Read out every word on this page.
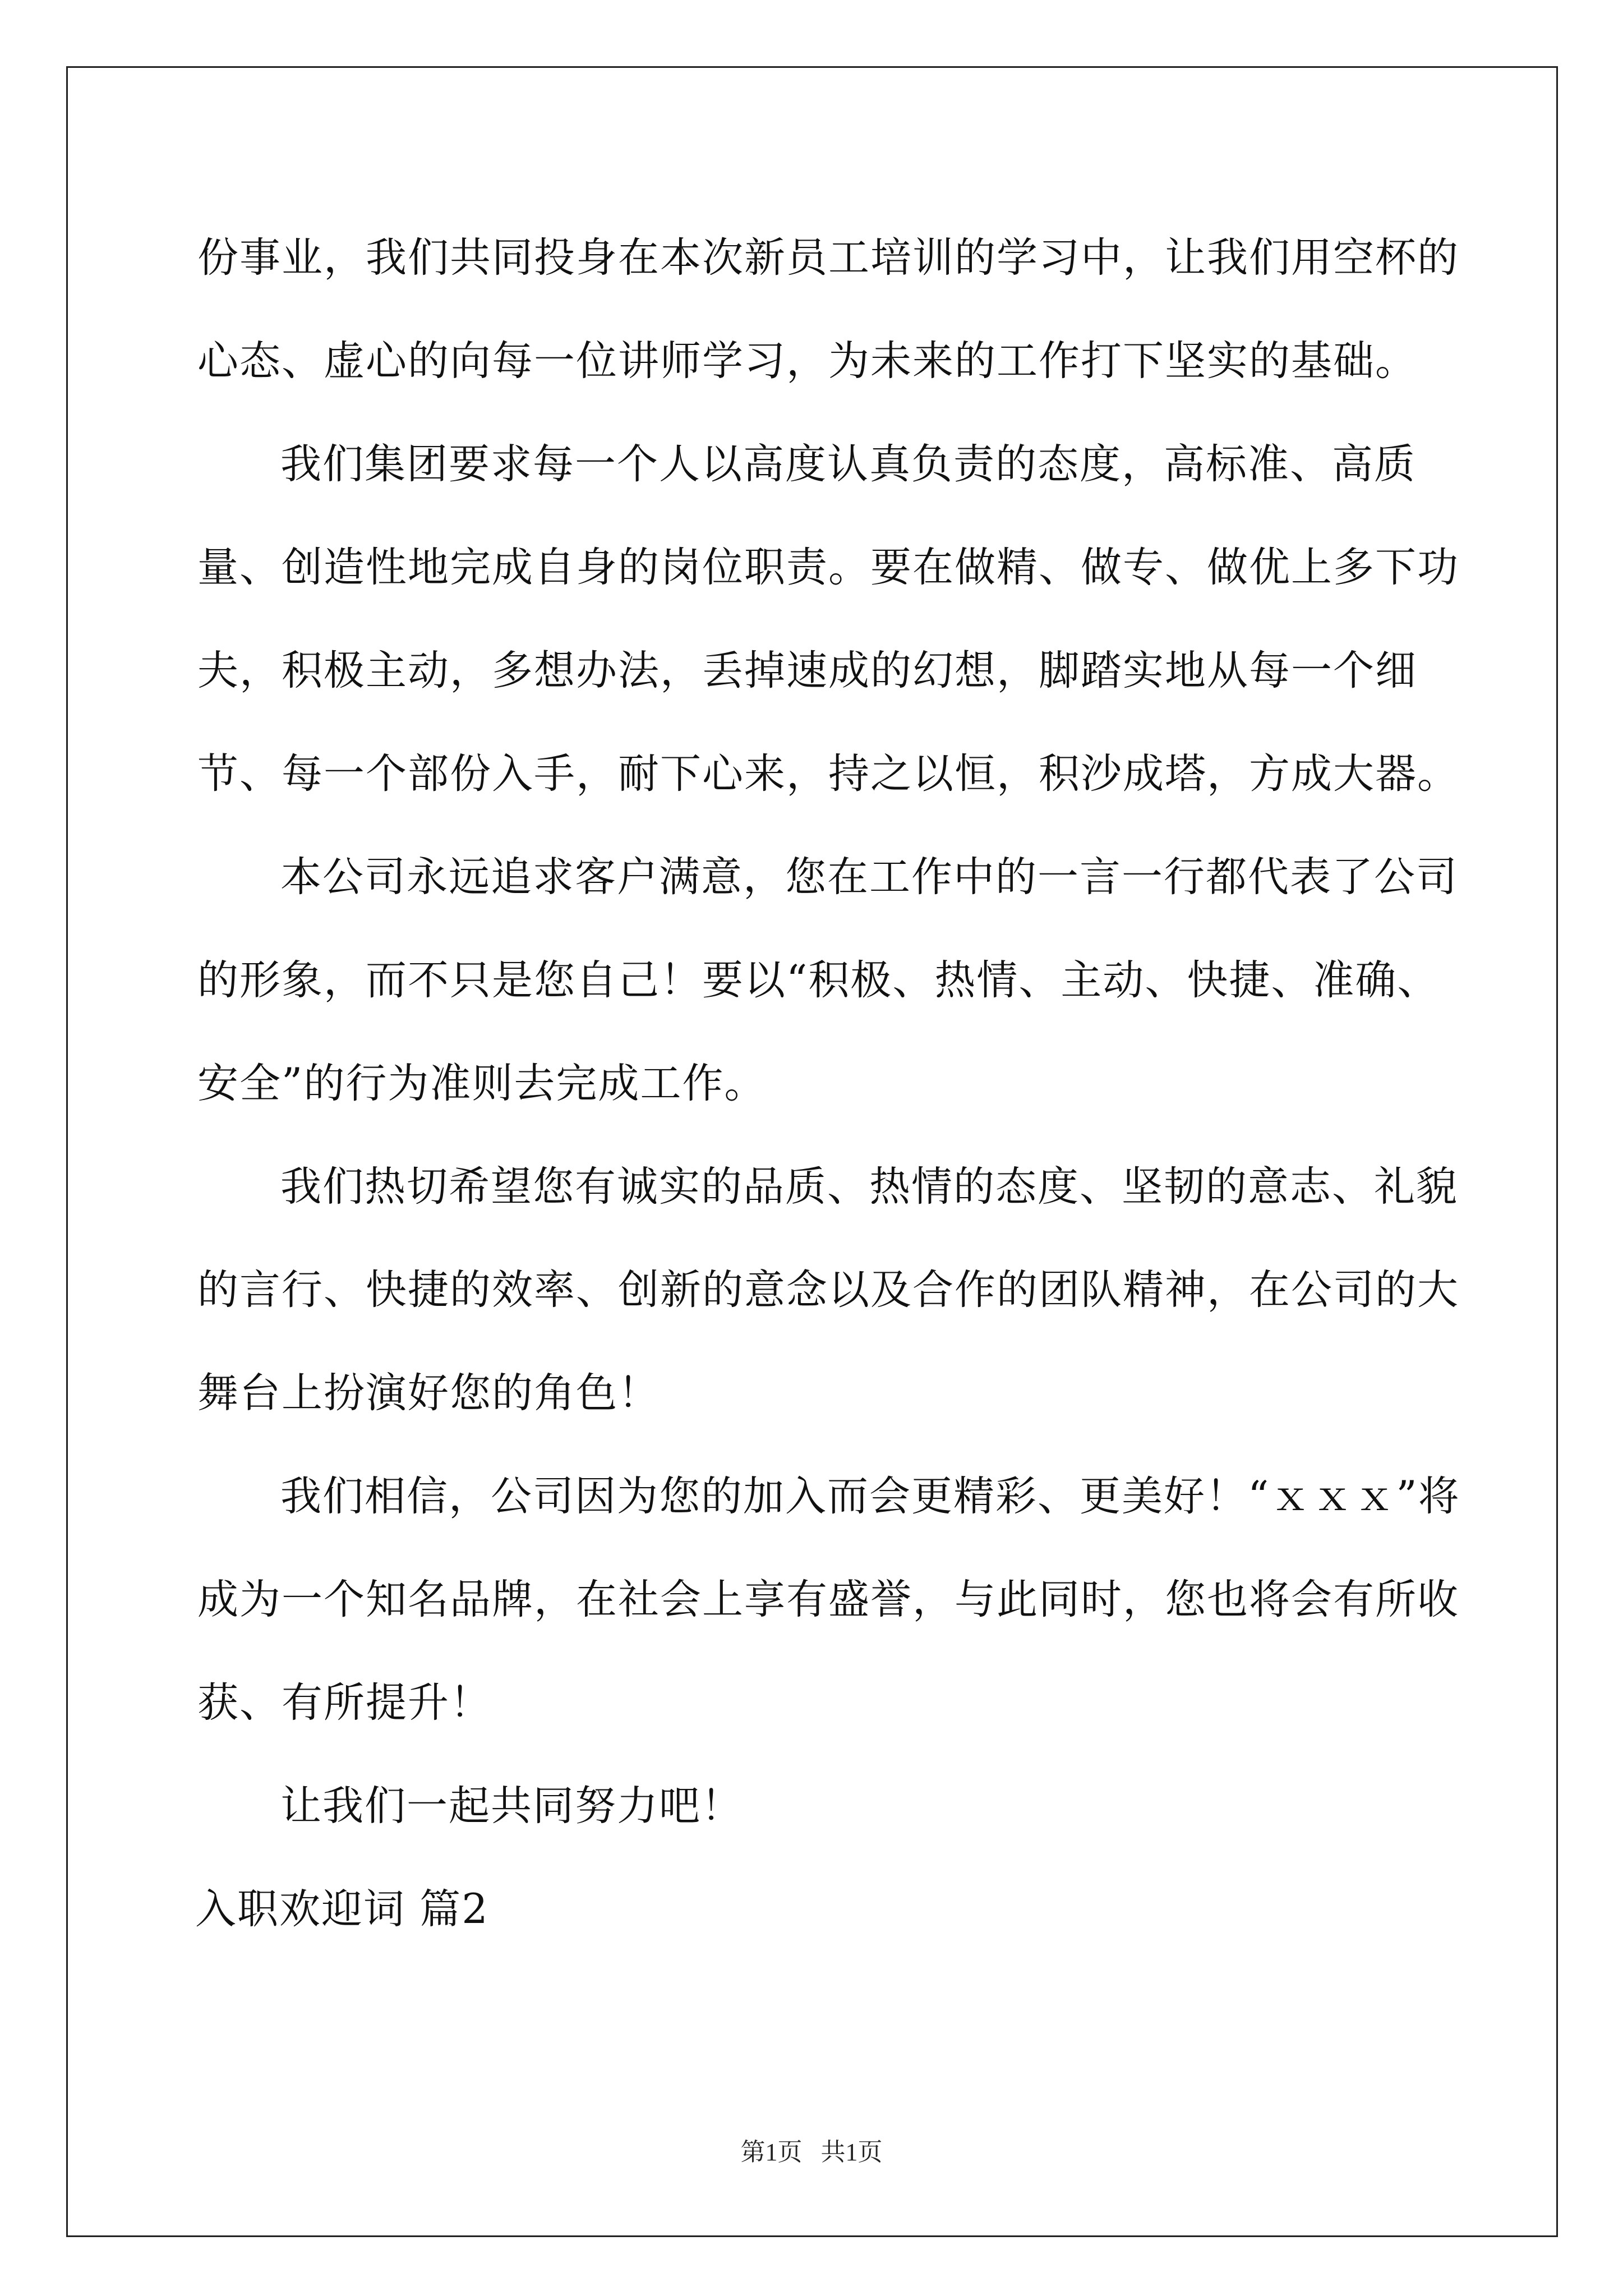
份事业，我们共同投身在本次新员工培训的学习中，让我们用空杯的心态、虚心的向每一位讲师学习，为未来的工作打下坚实的基础。

我们集团要求每一个人以高度认真负责的态度，高标准、高质量、创造性地完成自身的岗位职责。要在做精、做专、做优上多下功夫，积极主动，多想办法，丢掉速成的幻想，脚踏实地从每一个细节、每一个部份入手，耐下心来，持之以恒，积沙成塔，方成大器。

本公司永远追求客户满意，您在工作中的一言一行都代表了公司的形象，而不只是您自己！要以“积极、热情、主动、快捷、准确、安全”的行为准则去完成工作。

我们热切希望您有诚实的品质、热情的态度、坚韧的意志、礼貌的言行、快捷的效率、创新的意念以及合作的团队精神，在公司的大舞台上扮演好您的角色！

我们相信，公司因为您的加入而会更精彩、更美好！“ｘｘｘ”将成为一个知名品牌，在社会上享有盛誉，与此同时，您也将会有所收获、有所提升！

让我们一起共同努力吧！

入职欢迎词 篇2

第1页   共1页
